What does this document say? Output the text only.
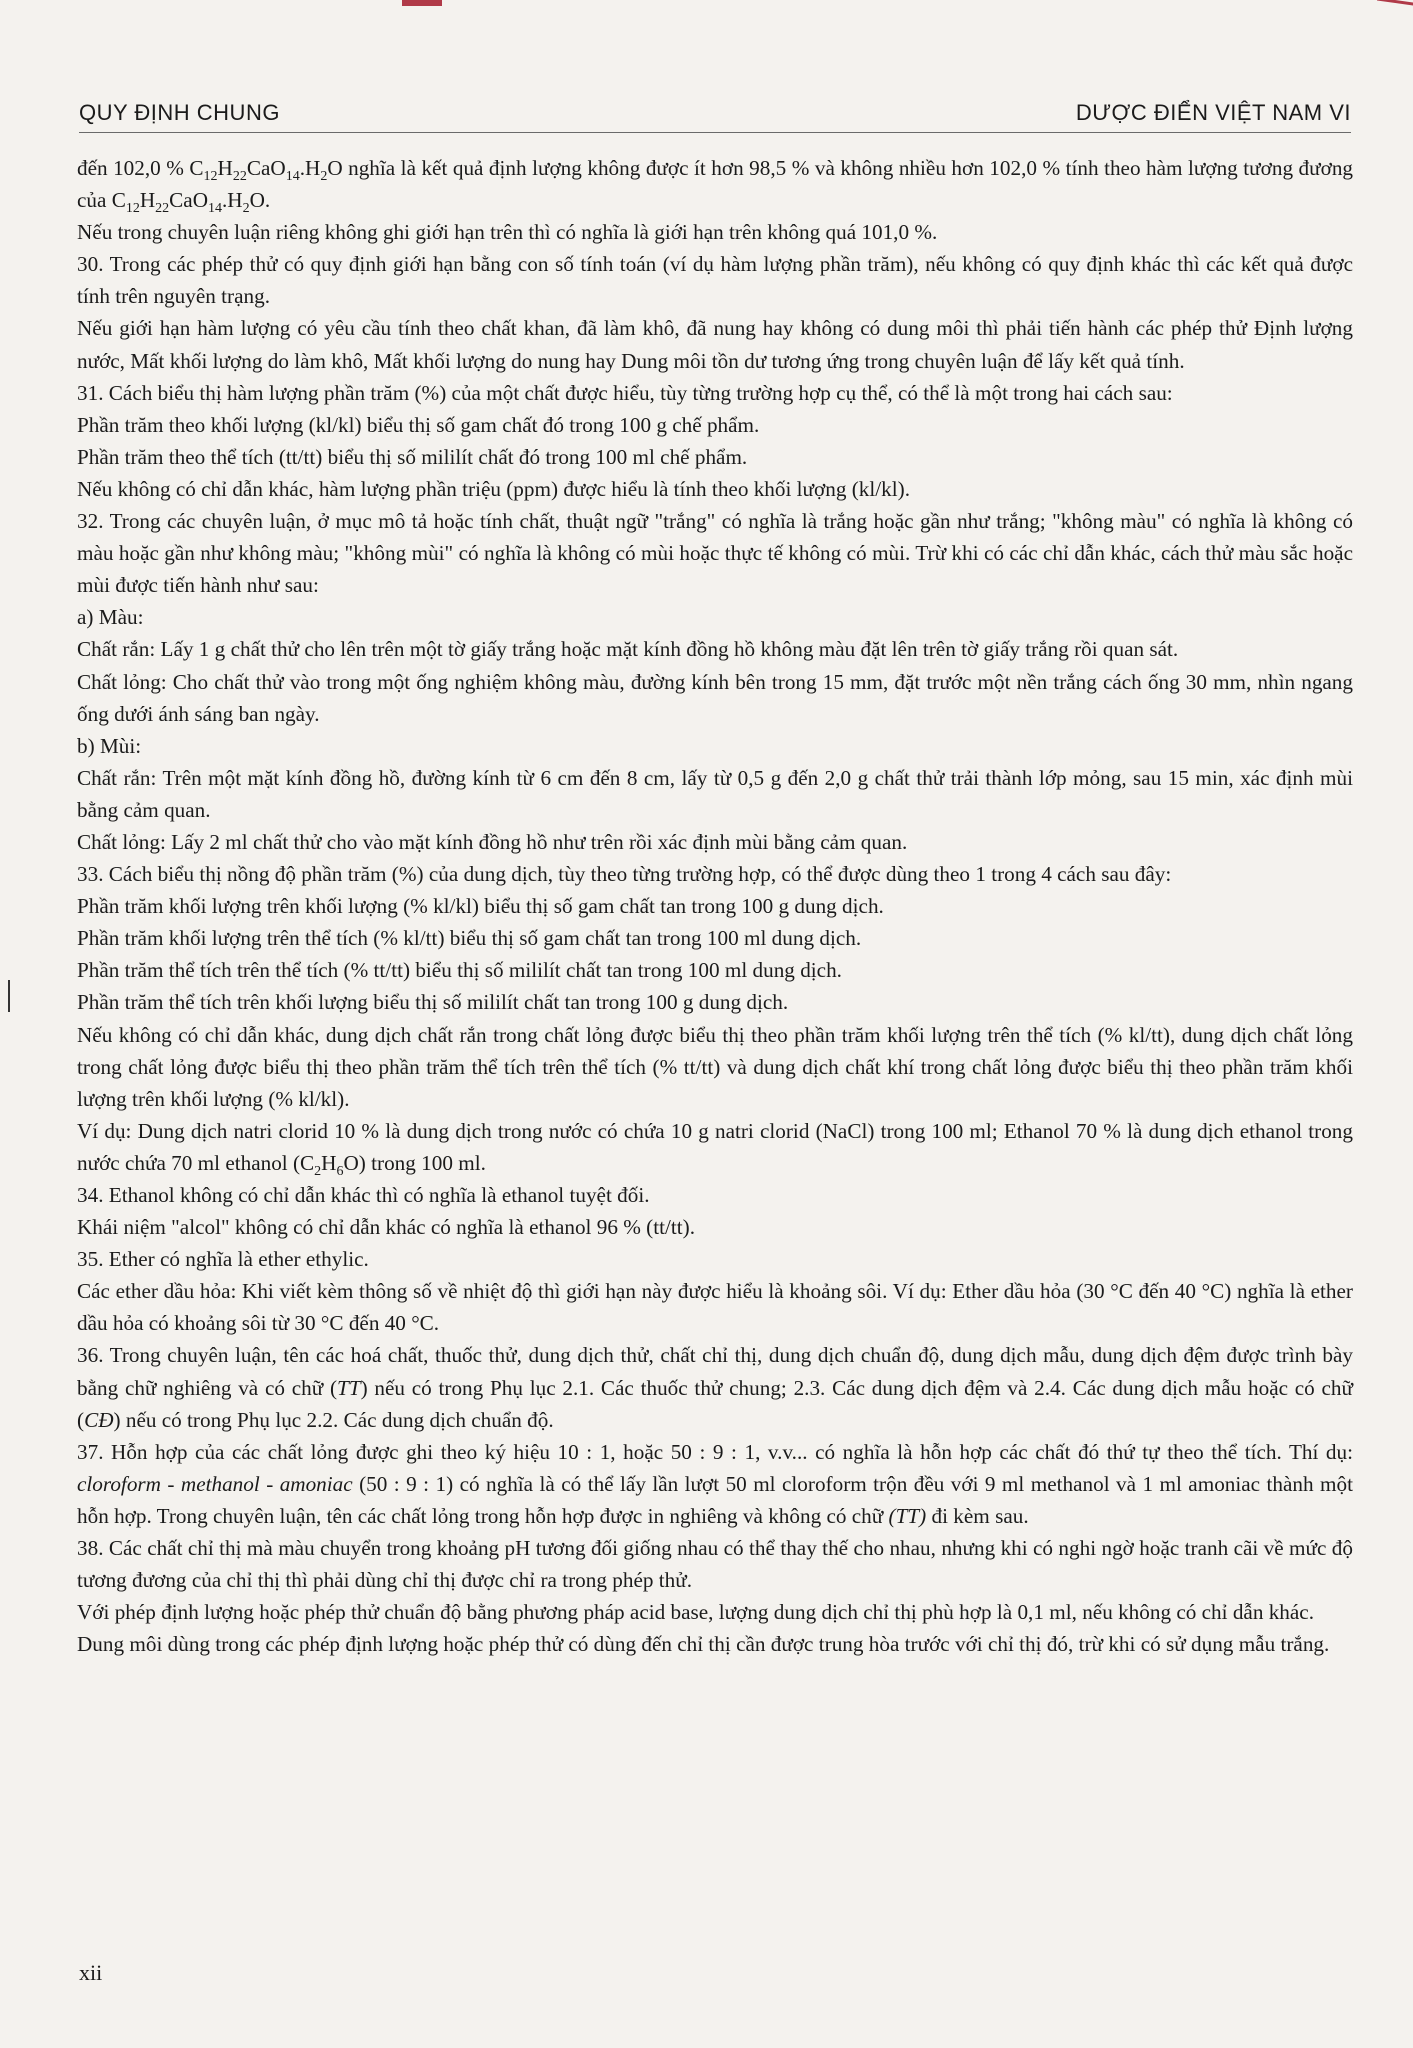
QUY ĐỊNH CHUNG	DƯỢC ĐIỂN VIỆT NAM VI

đến 102,0 % $C_{12}H_{22}CaO_{14}.H_2O$ nghĩa là kết quả định lượng không được ít hơn 98,5 % và không nhiều hơn 102,0 % tính theo hàm lượng tương đương của $C_{12}H_{22}CaO_{14}.H_2O$.

Nếu trong chuyên luận riêng không ghi giới hạn trên thì có nghĩa là giới hạn trên không quá 101,0 %.

30. Trong các phép thử có quy định giới hạn bằng con số tính toán (ví dụ hàm lượng phần trăm), nếu không có quy định khác thì các kết quả được tính trên nguyên trạng.

Nếu giới hạn hàm lượng có yêu cầu tính theo chất khan, đã làm khô, đã nung hay không có dung môi thì phải tiến hành các phép thử Định lượng nước, Mất khối lượng do làm khô, Mất khối lượng do nung hay Dung môi tồn dư tương ứng trong chuyên luận để lấy kết quả tính.

31. Cách biểu thị hàm lượng phần trăm (%) của một chất được hiểu, tùy từng trường hợp cụ thể, có thể là một trong hai cách sau:

Phần trăm theo khối lượng (kl/kl) biểu thị số gam chất đó trong 100 g chế phẩm.

Phần trăm theo thể tích (tt/tt) biểu thị số mililít chất đó trong 100 ml chế phẩm.

Nếu không có chỉ dẫn khác, hàm lượng phần triệu (ppm) được hiểu là tính theo khối lượng (kl/kl).

32. Trong các chuyên luận, ở mục mô tả hoặc tính chất, thuật ngữ "trắng" có nghĩa là trắng hoặc gần như trắng; "không màu" có nghĩa là không có màu hoặc gần như không màu; "không mùi" có nghĩa là không có mùi hoặc thực tế không có mùi. Trừ khi có các chỉ dẫn khác, cách thử màu sắc hoặc mùi được tiến hành như sau:

a) Màu:

Chất rắn: Lấy 1 g chất thử cho lên trên một tờ giấy trắng hoặc mặt kính đồng hồ không màu đặt lên trên tờ giấy trắng rồi quan sát.

Chất lỏng: Cho chất thử vào trong một ống nghiệm không màu, đường kính bên trong 15 mm, đặt trước một nền trắng cách ống 30 mm, nhìn ngang ống dưới ánh sáng ban ngày.

b) Mùi:

Chất rắn: Trên một mặt kính đồng hồ, đường kính từ 6 cm đến 8 cm, lấy từ 0,5 g đến 2,0 g chất thử trải thành lớp mỏng, sau 15 min, xác định mùi bằng cảm quan.

Chất lỏng: Lấy 2 ml chất thử cho vào mặt kính đồng hồ như trên rồi xác định mùi bằng cảm quan.

33. Cách biểu thị nồng độ phần trăm (%) của dung dịch, tùy theo từng trường hợp, có thể được dùng theo 1 trong 4 cách sau đây:

Phần trăm khối lượng trên khối lượng (% kl/kl) biểu thị số gam chất tan trong 100 g dung dịch.

Phần trăm khối lượng trên thể tích (% kl/tt) biểu thị số gam chất tan trong 100 ml dung dịch.

Phần trăm thể tích trên thể tích (% tt/tt) biểu thị số mililít chất tan trong 100 ml dung dịch.

Phần trăm thể tích trên khối lượng biểu thị số mililít chất tan trong 100 g dung dịch.

Nếu không có chỉ dẫn khác, dung dịch chất rắn trong chất lỏng được biểu thị theo phần trăm khối lượng trên thể tích (% kl/tt), dung dịch chất lỏng trong chất lỏng được biểu thị theo phần trăm thể tích trên thể tích (% tt/tt) và dung dịch chất khí trong chất lỏng được biểu thị theo phần trăm khối lượng trên khối lượng (% kl/kl).

Ví dụ: Dung dịch natri clorid 10 % là dung dịch trong nước có chứa 10 g natri clorid (NaCl) trong 100 ml; Ethanol 70 % là dung dịch ethanol trong nước chứa 70 ml ethanol $(C_2H_6O)$ trong 100 ml.

34. Ethanol không có chỉ dẫn khác thì có nghĩa là ethanol tuyệt đối.

Khái niệm "alcol" không có chỉ dẫn khác có nghĩa là ethanol 96 % (tt/tt).

35. Ether có nghĩa là ether ethylic.

Các ether dầu hỏa: Khi viết kèm thông số về nhiệt độ thì giới hạn này được hiểu là khoảng sôi. Ví dụ: Ether dầu hỏa (30 °C đến 40 °C) nghĩa là ether dầu hỏa có khoảng sôi từ 30 °C đến 40 °C.

36. Trong chuyên luận, tên các hoá chất, thuốc thử, dung dịch thử, chất chỉ thị, dung dịch chuẩn độ, dung dịch mẫu, dung dịch đệm được trình bày bằng chữ nghiêng và có chữ (TT) nếu có trong Phụ lục 2.1. Các thuốc thử chung; 2.3. Các dung dịch đệm và 2.4. Các dung dịch mẫu hoặc có chữ (CĐ) nếu có trong Phụ lục 2.2. Các dung dịch chuẩn độ.

37. Hỗn hợp của các chất lỏng được ghi theo ký hiệu 10 : 1, hoặc 50 : 9 : 1, v.v... có nghĩa là hỗn hợp các chất đó thứ tự theo thể tích. Thí dụ: cloroform - methanol - amoniac (50 : 9 : 1) có nghĩa là có thể lấy lần lượt 50 ml cloroform trộn đều với 9 ml methanol và 1 ml amoniac thành một hỗn hợp. Trong chuyên luận, tên các chất lỏng trong hỗn hợp được in nghiêng và không có chữ (TT) đi kèm sau.

38. Các chất chỉ thị mà màu chuyển trong khoảng pH tương đối giống nhau có thể thay thế cho nhau, nhưng khi có nghi ngờ hoặc tranh cãi về mức độ tương đương của chỉ thị thì phải dùng chỉ thị được chỉ ra trong phép thử.

Với phép định lượng hoặc phép thử chuẩn độ bằng phương pháp acid base, lượng dung dịch chỉ thị phù hợp là 0,1 ml, nếu không có chỉ dẫn khác.

Dung môi dùng trong các phép định lượng hoặc phép thử có dùng đến chỉ thị cần được trung hòa trước với chỉ thị đó, trừ khi có sử dụng mẫu trắng.

xii
